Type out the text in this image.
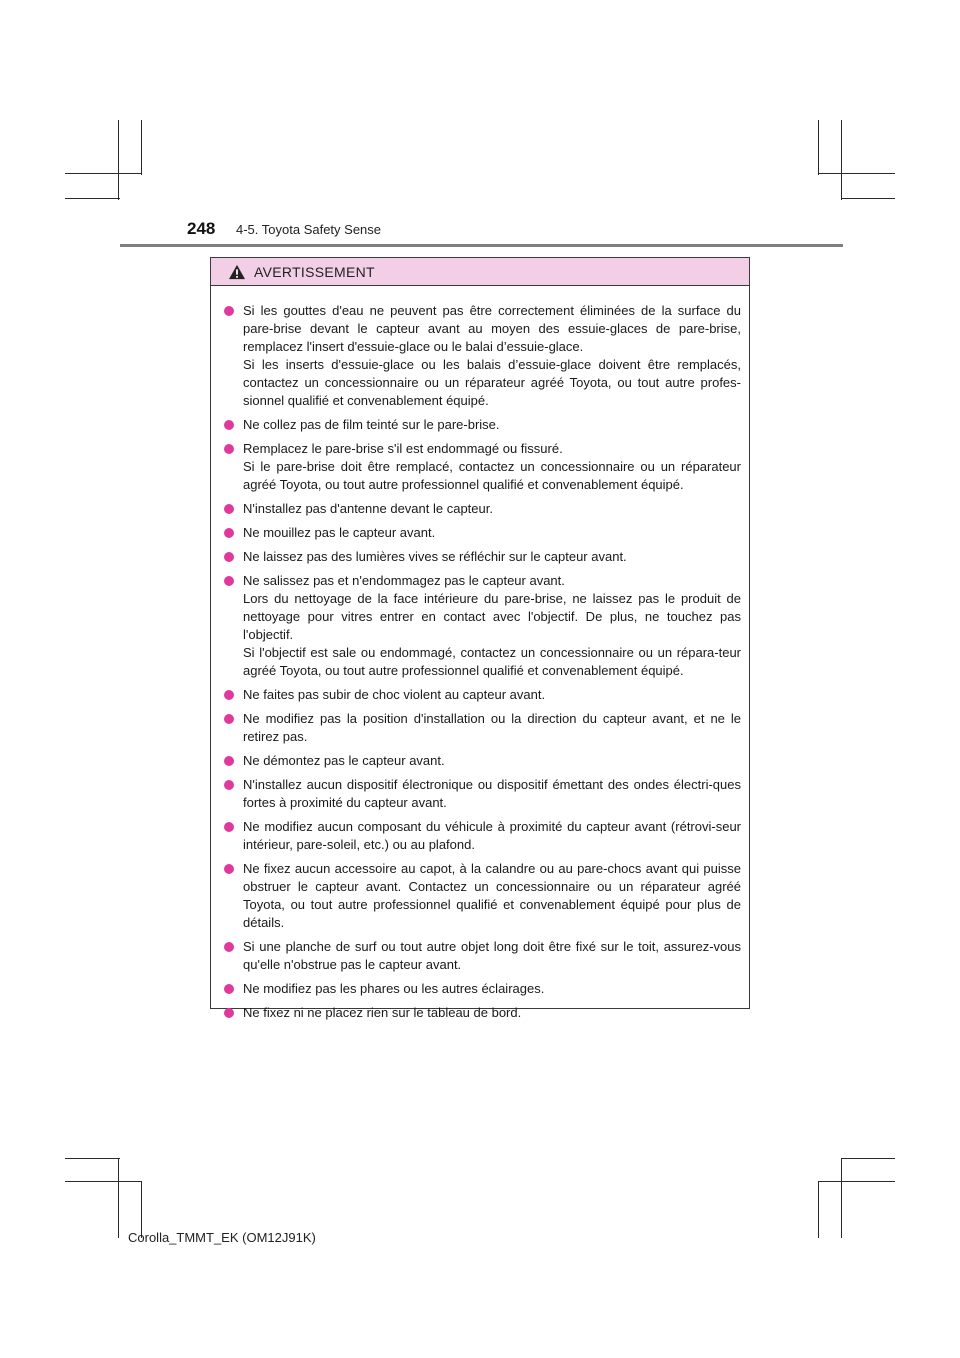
248 4-5. Toyota Safety Sense
AVERTISSEMENT
Si les gouttes d'eau ne peuvent pas être correctement éliminées de la surface du pare-brise devant le capteur avant au moyen des essuie-glaces de pare-brise, remplacez l'insert d'essuie-glace ou le balai d’essuie-glace.
Si les inserts d'essuie-glace ou les balais d’essuie-glace doivent être remplacés, contactez un concessionnaire ou un réparateur agréé Toyota, ou tout autre profes-sionnel qualifié et convenablement équipé.
Ne collez pas de film teinté sur le pare-brise.
Remplacez le pare-brise s'il est endommagé ou fissuré.
Si le pare-brise doit être remplacé, contactez un concessionnaire ou un réparateur agréé Toyota, ou tout autre professionnel qualifié et convenablement équipé.
N'installez pas d'antenne devant le capteur.
Ne mouillez pas le capteur avant.
Ne laissez pas des lumières vives se réfléchir sur le capteur avant.
Ne salissez pas et n'endommagez pas le capteur avant.
Lors du nettoyage de la face intérieure du pare-brise, ne laissez pas le produit de nettoyage pour vitres entrer en contact avec l'objectif. De plus, ne touchez pas l'objectif.
Si l'objectif est sale ou endommagé, contactez un concessionnaire ou un répara-teur agréé Toyota, ou tout autre professionnel qualifié et convenablement équipé.
Ne faites pas subir de choc violent au capteur avant.
Ne modifiez pas la position d'installation ou la direction du capteur avant, et ne le retirez pas.
Ne démontez pas le capteur avant.
N'installez aucun dispositif électronique ou dispositif émettant des ondes électri-ques fortes à proximité du capteur avant.
Ne modifiez aucun composant du véhicule à proximité du capteur avant (rétrovi-seur intérieur, pare-soleil, etc.) ou au plafond.
Ne fixez aucun accessoire au capot, à la calandre ou au pare-chocs avant qui puisse obstruer le capteur avant. Contactez un concessionnaire ou un réparateur agréé Toyota, ou tout autre professionnel qualifié et convenablement équipé pour plus de détails.
Si une planche de surf ou tout autre objet long doit être fixé sur le toit, assurez-vous qu'elle n'obstrue pas le capteur avant.
Ne modifiez pas les phares ou les autres éclairages.
Ne fixez ni ne placez rien sur le tableau de bord.
Corolla_TMMT_EK (OM12J91K)
